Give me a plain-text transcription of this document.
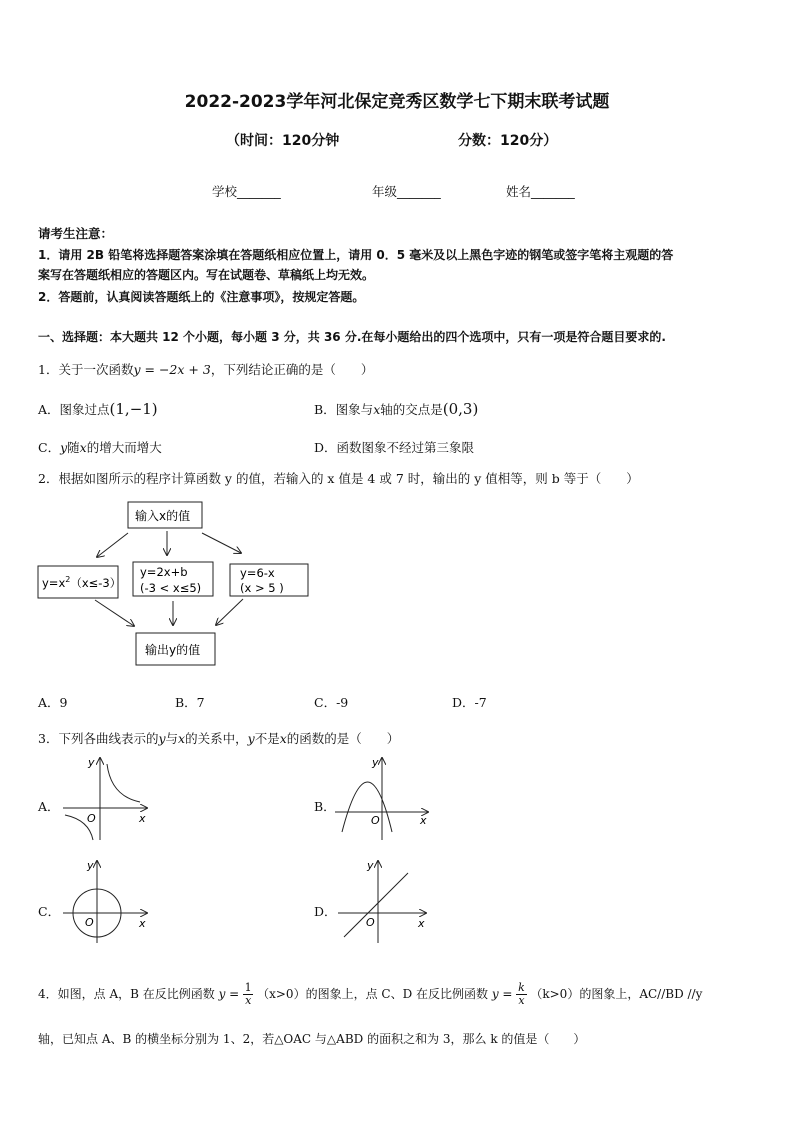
2022-2023学年河北保定竞秀区数学七下期末联考试题
（时间：120分钟	分数：120分）
学校_______	年级_______	姓名_______
请考生注意：
1．请用 2B 铅笔将选择题答案涂填在答题纸相应位置上，请用 0．5 毫米及以上黑色字迹的钢笔或签字笔将主观题的答
案写在答题纸相应的答题区内。写在试题卷、草稿纸上均无效。
2．答题前，认真阅读答题纸上的《注意事项》，按规定答题。
一、选择题：本大题共 12 个小题，每小题 3 分，共 36 分.在每小题给出的四个选项中，只有一项是符合题目要求的.
1．关于一次函数y = −2x + 3，下列结论正确的是（　　）
A．图象过点(1,−1)	B．图象与x轴的交点是(0,3)
C．y随x的增大而增大	D．函数图象不经过第三象限
2．根据如图所示的程序计算函数 y 的值，若输入的 x 值是 4 或 7 时，输出的 y 值相等，则 b 等于（　　）
输入x的值
$y=x^2(x\le-3)$
y=2x+b
(-3 < x≤5)
y=6-x
(x > 5 )
输出y的值
A．9	B．7	C．-9	D．-7
3．下列各曲线表示的y与x的关系中，y不是x的函数的是（　　）
A．	B．
C．	D．
x
y
O	x
y
O
x
y
O	x
y
O
4．如图，点 A，B 在反比例函数 $y = \frac{1}{x} (x>0)$的图象上，点 C、D 在反比例函数 $y = \frac{k}{x} (k>0)$的图象上，AC//BD //y
轴，已知点 A、B 的横坐标分别为 1、2，若△OAC 与△ABD 的面积之和为 3，那么 k 的值是（　　）
